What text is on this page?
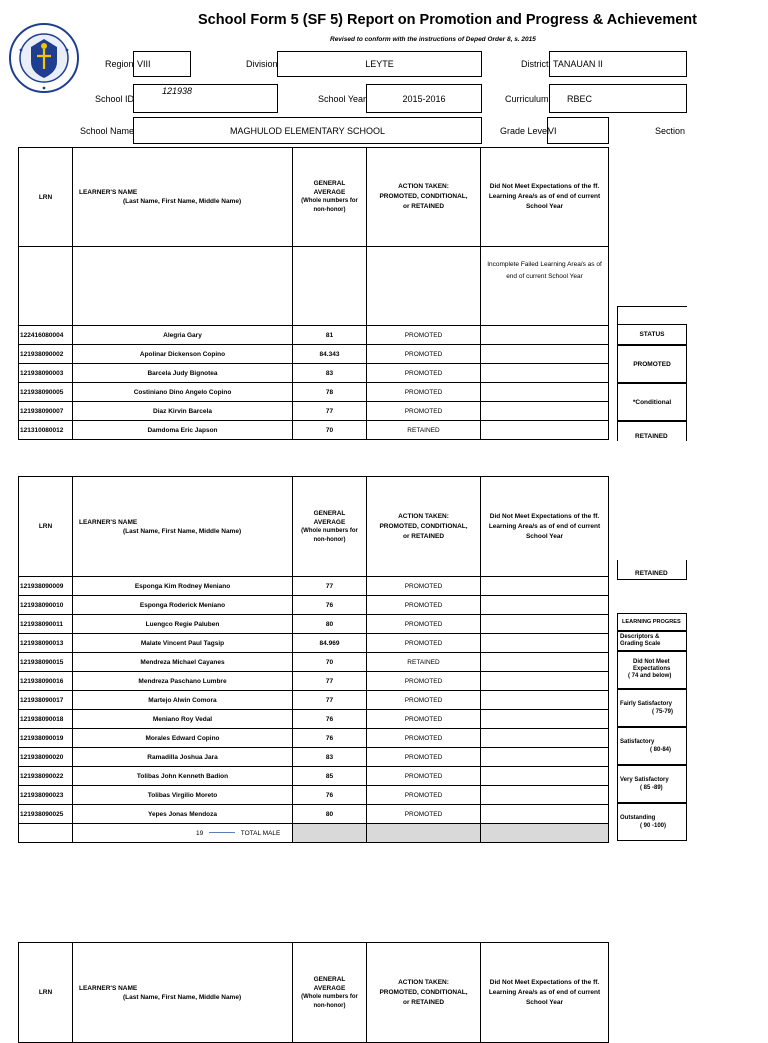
School Form 5 (SF 5) Report on Promotion and Progress & Achievement
Revised to conform with the instructions of Deped Order 8, s. 2015
Region VIII	Division	LEYTE	District TANAUAN II
School ID
121938
School Year	2015-2016	Curriculum	RBEC
School Name	MAGHULOD ELEMENTARY SCHOOL	Grade Level
VI	Section
LRN	LEARNER'S NAME
(Last Name, First Name, Middle Name)	GENERAL
AVERAGE
(Whole numbers for
non-honor)	ACTION TAKEN:
PROMOTED, CONDITIONAL,
or RETAINED	Did Not Meet Expectations of the ff. Learning Area/s as of end of current School Year
				Incomplete Failed Learning Area/s as of end of current School Year
122416080004	Alegria Gary	81	PROMOTED	
121938090002	Apolinar Dickenson Copino	84.343	PROMOTED	
121938090003	Barcela Judy Bignotea	83	PROMOTED	
121938090005	Costiniano Dino Angelo Copino	78	PROMOTED	
121938090007	Diaz Kirvin Barcela	77	PROMOTED	
121310080012	Damdoma Eric Japson	70	RETAINED	
STATUS
PROMOTED
*Conditional
RETAINED
LRN	LEARNER'S NAME
(Last Name, First Name, Middle Name)	GENERAL
AVERAGE
(Whole numbers for
non-honor)	ACTION TAKEN:
PROMOTED, CONDITIONAL,
or RETAINED	Did Not Meet Expectations of the ff. Learning Area/s as of end of current School Year
121938090009	Esponga Kim Rodney Meniano	77	PROMOTED	
121938090010	Esponga Roderick Meniano	76	PROMOTED	
121938090011	Luengco Regie Paluben	80	PROMOTED	
121938090013	Malate Vincent Paul Tagsip	84.969	PROMOTED	
121938090015	Mendreza Michael Cayanes	70	RETAINED	
121938090016	Mendreza Paschano Lumbre	77	PROMOTED	
121938090017	Martejo Alwin Comora	77	PROMOTED	
121938090018	Meniano Roy Vedal	76	PROMOTED	
121938090019	Morales Edward Copino	76	PROMOTED	
121938090020	Ramadilla Joshua Jara	83	PROMOTED	
121938090022	Tolibas John Kenneth Badion	85	PROMOTED	
121938090023	Tolibas Virgilio Moreto	76	PROMOTED	
121938090025	Yepes Jonas Mendoza	80	PROMOTED	
	19 TOTAL MALE			
RETAINED
LEARNING PROGRES
Descriptors & Grading Scale
Did Not Meet Expectations
( 74 and below)
Fairly Satisfactory
( 75-79)
Satisfactory
( 80-84)
Very Satisfactory
( 85 -89)
Outstanding
( 90 -100)
LRN	
LEARNER'S NAME
(Last Name, First Name, Middle Name)

GENERAL
AVERAGE
(Whole numbers for
non-honor)

ACTION TAKEN:
PROMOTED, CONDITIONAL,
or RETAINED
	Did Not Meet Expectations of the ff. Learning Area/s as of end of current School Year
